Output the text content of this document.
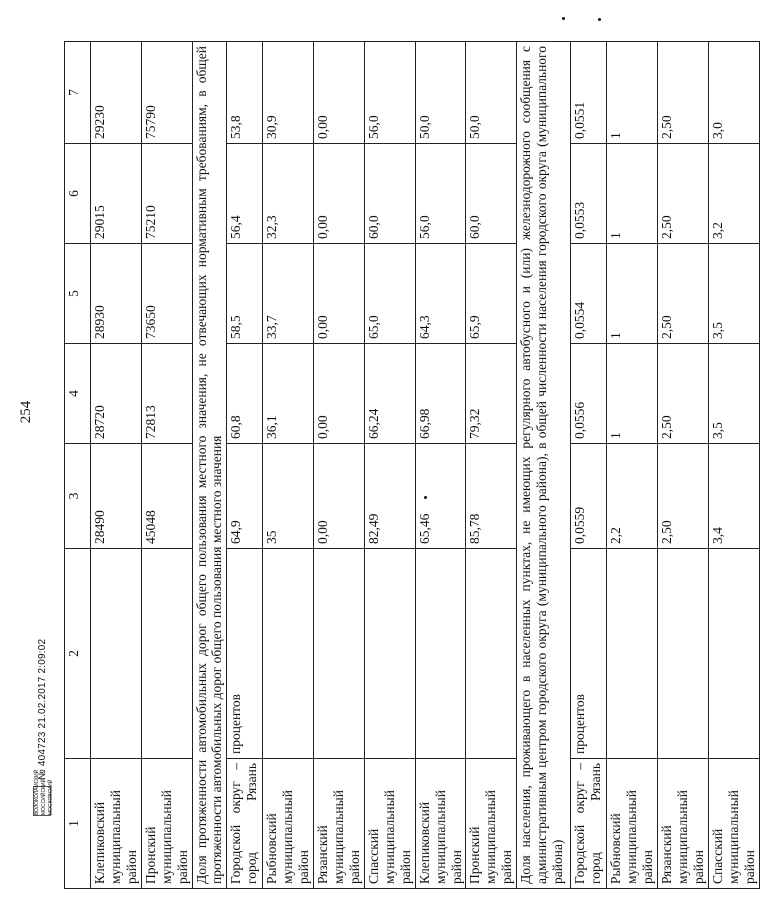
254
1	2	3	4	5	6	7
Клепиковский муниципальный район		28490	28720	28930	29015	29230
Пронский муниципальный район		45048	72813	73650	75210	75790
Доля протяженности автомобильных дорог общего пользования местного значения, не отвечающих нормативным требованиям, в общей протяженности автомобильных дорог общего пользования местного значения						
Городской округ – город Рязань	процентов	64,9	60,8	58,5	56,4	53,8
Рыбновский муниципальный район		35	36,1	33,7	32,3	30,9
Рязанский муниципальный район		0,00	0,00	0,00	0,00	0,00
Спасский муниципальный район		82,49	66,24	65,0	60,0	56,0
Клепиковский муниципальный район		65,46	66,98	64,3	56,0	50,0
Пронский муниципальный район		85,78	79,32	65,9	60,0	50,0
Доля населения, проживающего в населенных пунктах, не имеющих регулярного автобусного и (или) железнодорожного сообщения с административным центром городского округа (муниципального района), в общей численности населения городского округа (муниципального района)						
Городской округ – город Рязань	процентов	0,0559	0,0556	0,0554	0,0553	0,0551
Рыбновский муниципальный район		2,2	1	1	1	1
Рязанский муниципальный район		2,50	2,50	2,50	2,50	2,50
Спасский муниципальный район		3,4	3,5	3,5	3,2	3,0
ВОЛОКОЛАМСКИЙ МОССИЙСКИЙ МОСКОВСКИЙ
№ 404723 21.02.2017 2:09:02
